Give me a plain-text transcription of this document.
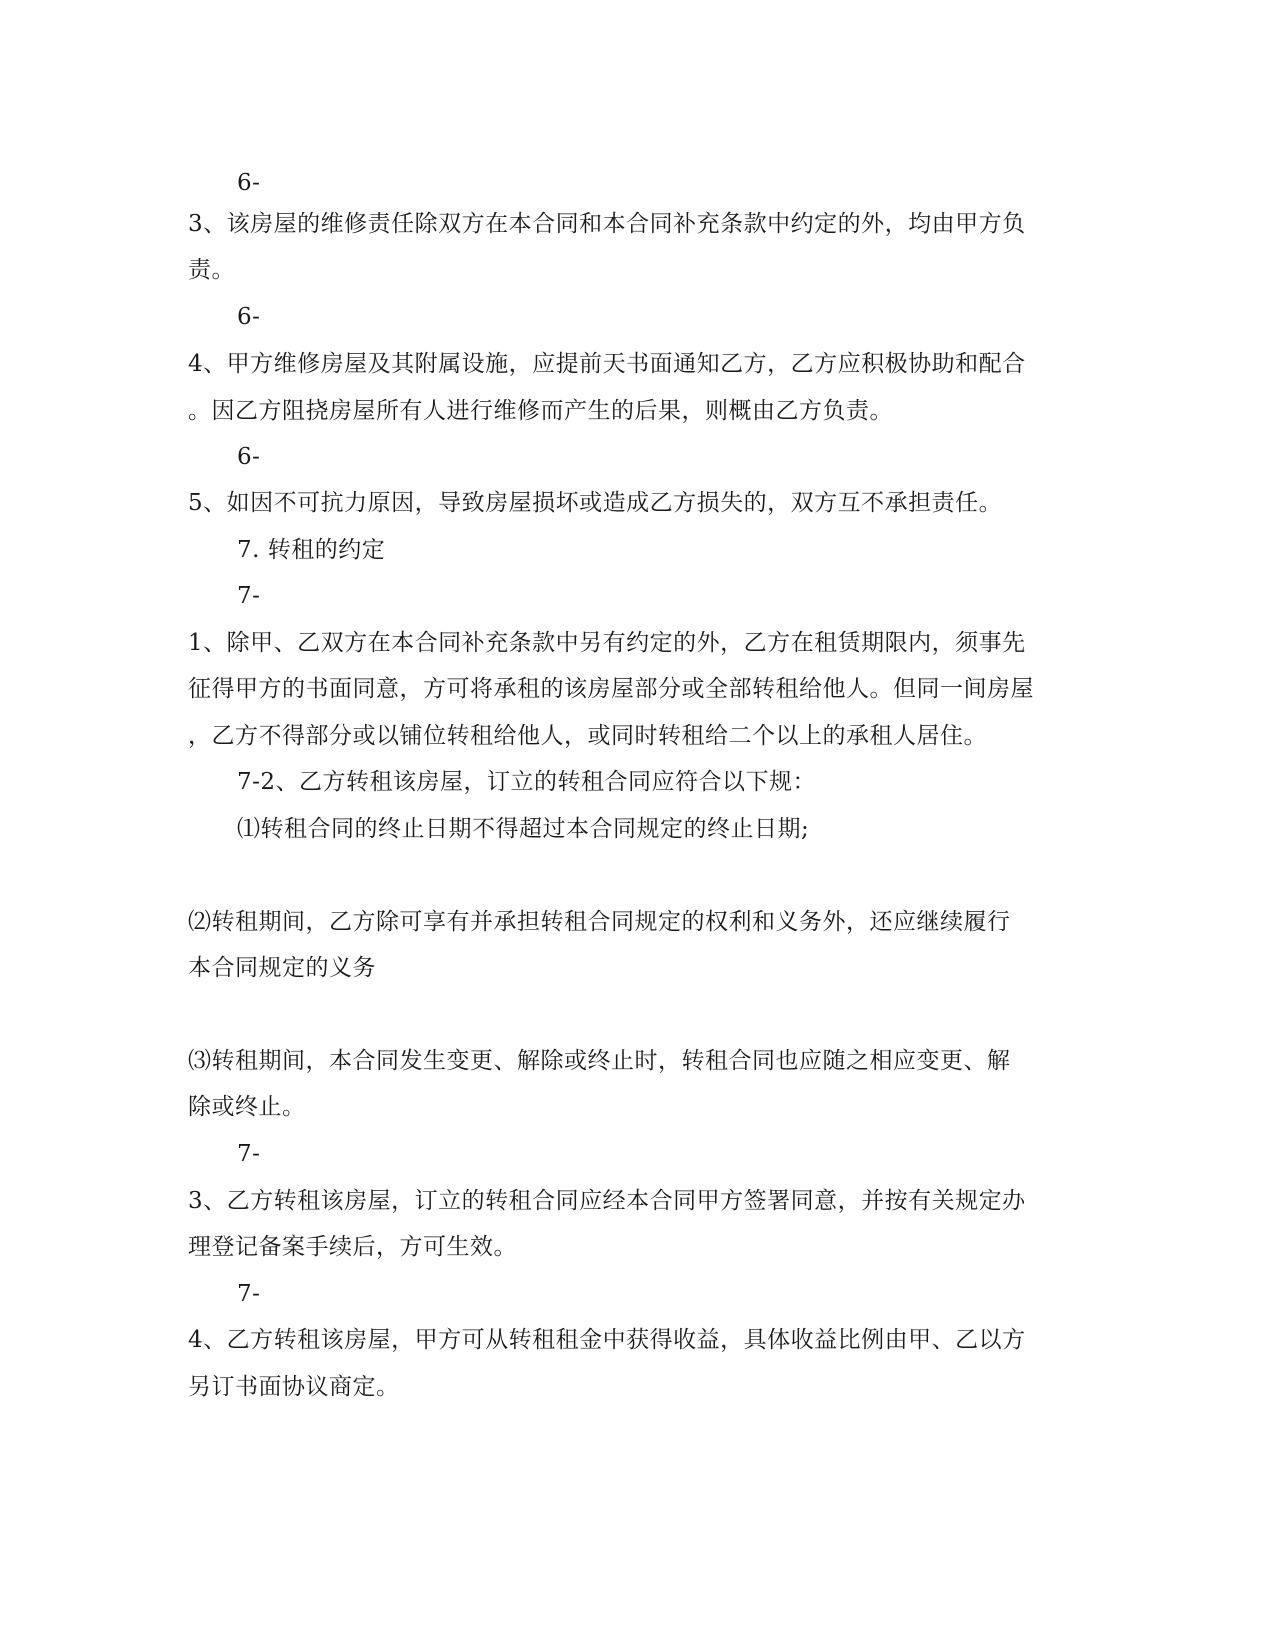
6-
3、该房屋的维修责任除双方在本合同和本合同补充条款中约定的外，均由甲方负
责。
6-
4、甲方维修房屋及其附属设施，应提前天书面通知乙方，乙方应积极协助和配合
。因乙方阻挠房屋所有人进行维修而产生的后果，则概由乙方负责。
6-
5、如因不可抗力原因，导致房屋损坏或造成乙方损失的，双方互不承担责任。
7. 转租的约定
7-
1、除甲、乙双方在本合同补充条款中另有约定的外，乙方在租赁期限内，须事先
征得甲方的书面同意，方可将承租的该房屋部分或全部转租给他人。但同一间房屋
，乙方不得部分或以铺位转租给他人，或同时转租给二个以上的承租人居住。
7-2、乙方转租该房屋，订立的转租合同应符合以下规：
⑴转租合同的终止日期不得超过本合同规定的终止日期;
⑵转租期间，乙方除可享有并承担转租合同规定的权利和义务外，还应继续履行
本合同规定的义务
⑶转租期间，本合同发生变更、解除或终止时，转租合同也应随之相应变更、解
除或终止。
7-
3、乙方转租该房屋，订立的转租合同应经本合同甲方签署同意，并按有关规定办
理登记备案手续后，方可生效。
7-
4、乙方转租该房屋，甲方可从转租租金中获得收益，具体收益比例由甲、乙以方
另订书面协议商定。
